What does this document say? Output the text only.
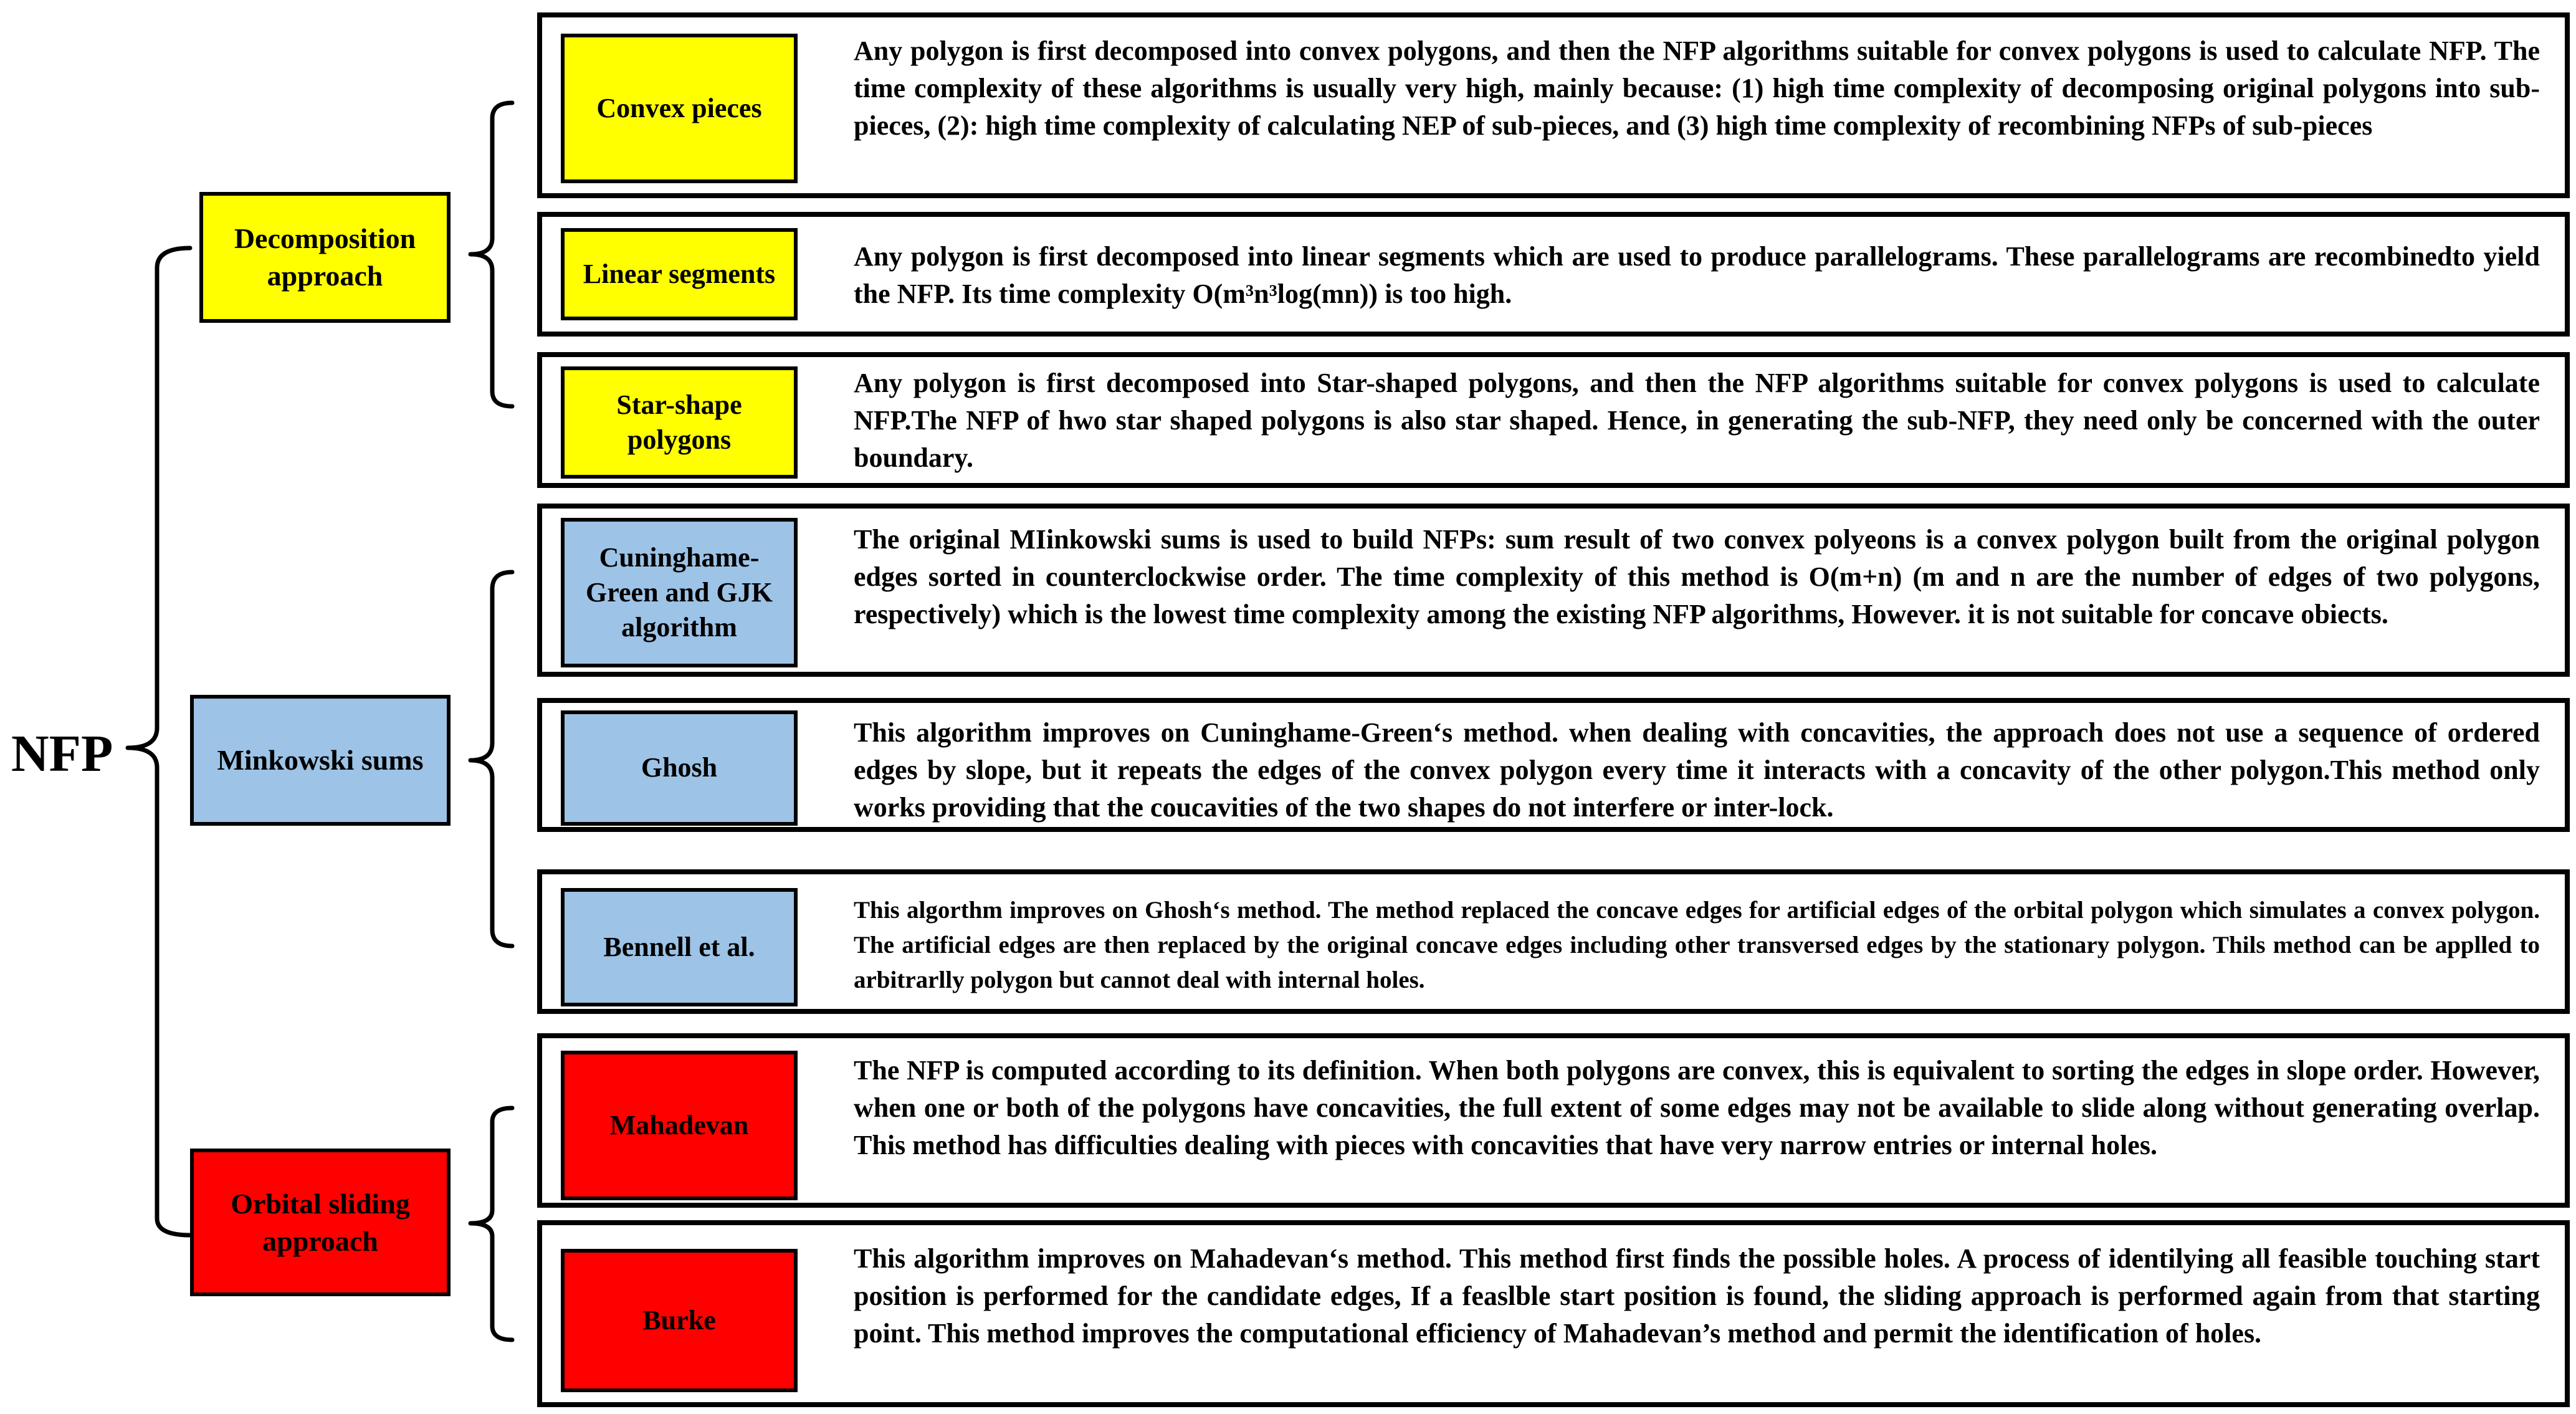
NFP
Decomposition approach
Minkowski sums
Orbital sliding approach
Convex pieces
Any polygon is first decomposed into convex polygons, and then the NFP algorithms suitable for convex polygons is used to calculate NFP. The time complexity of these algorithms is usually very high, mainly because: (1) high time complexity of decomposing original polygons into sub-pieces, (2): high time complexity of calculating NEP of sub-pieces, and (3) high time complexity of recombining NFPs of sub-pieces
Linear segments
Any polygon is first decomposed into linear segments which are used to produce parallelograms. These parallelograms are recombinedto yield the NFP. Its time complexity O(m³n³log(mn)) is too high.
Star-shape polygons
Any polygon is first decomposed into Star-shaped polygons, and then the NFP algorithms suitable for convex polygons is used to calculate NFP.The NFP of hwo star shaped polygons is also star shaped. Hence, in generating the sub-NFP, they need only be concerned with the outer boundary.
Cuninghame-Green and GJK algorithm
The original MIinkowski sums is used to build NFPs: sum result of two convex polyeons is a convex polygon built from the original polygon edges sorted in counterclockwise order. The time complexity of this method is O(m+n) (m and n are the number of edges of two polygons, respectively) which is the lowest time complexity among the existing NFP algorithms, However. it is not suitable for concave obiects.
Ghosh
This algorithm improves on Cuninghame-Green‘s method. when dealing with concavities, the approach does not use a sequence of ordered edges by slope, but it repeats the edges of the convex polygon every time it interacts with a concavity of the other polygon.This method only works providing that the coucavities of the two shapes do not interfere or inter-lock.
Bennell et al.
This algorthm improves on Ghosh‘s method. The method replaced the concave edges for artificial edges of the orbital polygon which simulates a convex polygon. The artificial edges are then replaced by the original concave edges including other transversed edges by the stationary polygon. Thils method can be applled to arbitrarlly polygon but cannot deal with internal holes.
Mahadevan
The NFP is computed according to its definition. When both polygons are convex, this is equivalent to sorting the edges in slope order. However, when one or both of the polygons have concavities, the full extent of some edges may not be available to slide along without generating overlap. This method has difficulties dealing with pieces with concavities that have very narrow entries or internal holes.
Burke
This algorithm improves on Mahadevan‘s method. This method first finds the possible holes. A process of identilying all feasible touching start position is performed for the candidate edges, If a feaslble start position is found, the sliding approach is performed again from that starting point. This method improves the computational efficiency of Mahadevan’s method and permit the identification of holes.
